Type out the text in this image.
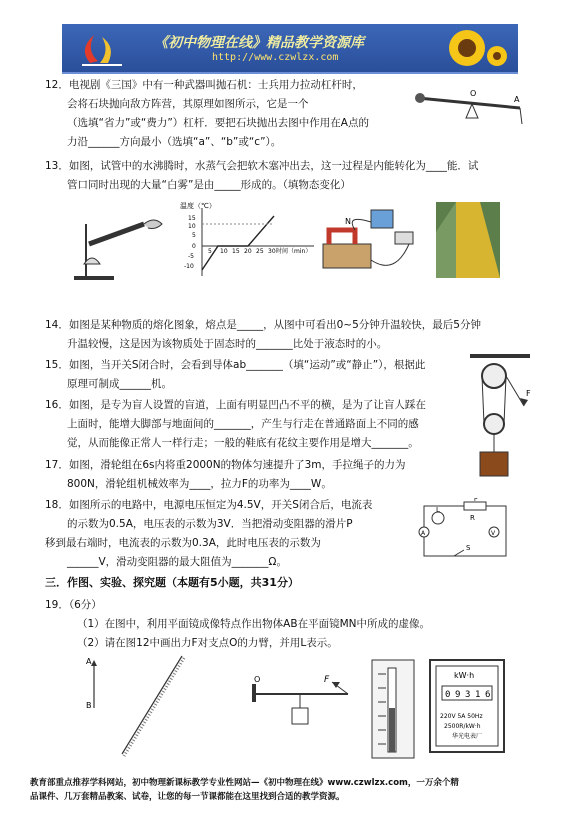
《初中物理在线》精品教学资源库
http://www.czwlzx.com
12．电视剧《三国》中有一种武器叫抛石机：士兵用力拉动杠杆时，
会将石块抛向敌方阵营，其原理如图所示，它是一个
（选填“省力”或“费力”）杠杆．要把石块抛出去图中作用在A点的
力沿______方向最小（选填“a”、“b”或“c”）。
O
A
13．如图，试管中的水沸腾时，水蒸气会把软木塞冲出去，这一过程是内能转化为____能．试
管口同时出现的大量“白雾”是由_____形成的。（填物态变化）
温度（℃）
15
10
5
0
-5
-10
5 10 15 20 25 30 时间（min）
N
14．如图是某种物质的熔化图象，熔点是_____，从图中可看出0~5分钟升温较快，最后5分钟
升温较慢，这是因为该物质处于固态时的_______比处于液态时的小。
15．如图，当开关S闭合时，会看到导体ab_______（填“运动”或“静止”），根据此
原理可制成______机。
16．如图，是专为盲人设置的盲道，上面有明显凹凸不平的横，是为了让盲人踩在
上面时，能增大脚部与地面间的_______，产生与行走在普通路面上不同的感
觉，从而能像正常人一样行走；一般的鞋底有花纹主要作用是增大_______。
F
17．如图，滑轮组在6s内将重2000N的物体匀速提升了3m，手拉绳子的力为
800N，滑轮组机械效率为____，拉力F的功率为____W。
18．如图所示的电路中，电源电压恒定为4.5V，开关S闭合后，电流表
的示数为0.5A，电压表的示数为3V．当把滑动变阻器的滑片P
移到最右端时，电流表的示数为0.3A，此时电压表的示数为
______V，滑动变阻器的最大阻值为_______Ω。
L
R
P
A	V
S
三．作图、实验、探究题（本题有5小题，共31分）
19．（6分）
（1）在图中，利用平面镜成像特点作出物体AB在平面镜MN中所成的虚像。
（2）请在图12中画出力F对支点O的力臂，并用L表示。
A
B
O	F	kW·h
0 9 3 1 6
220V 5A 50Hz
2500R/kW·h
华光电表厂
教育部重点推荐学科网站，初中物理新课标教学专业性网站—《初中物理在线》www.czwlzx.com，一万余个精
品课件、几万套精品教案、试卷，让您的每一节课都能在这里找到合适的教学资源。
